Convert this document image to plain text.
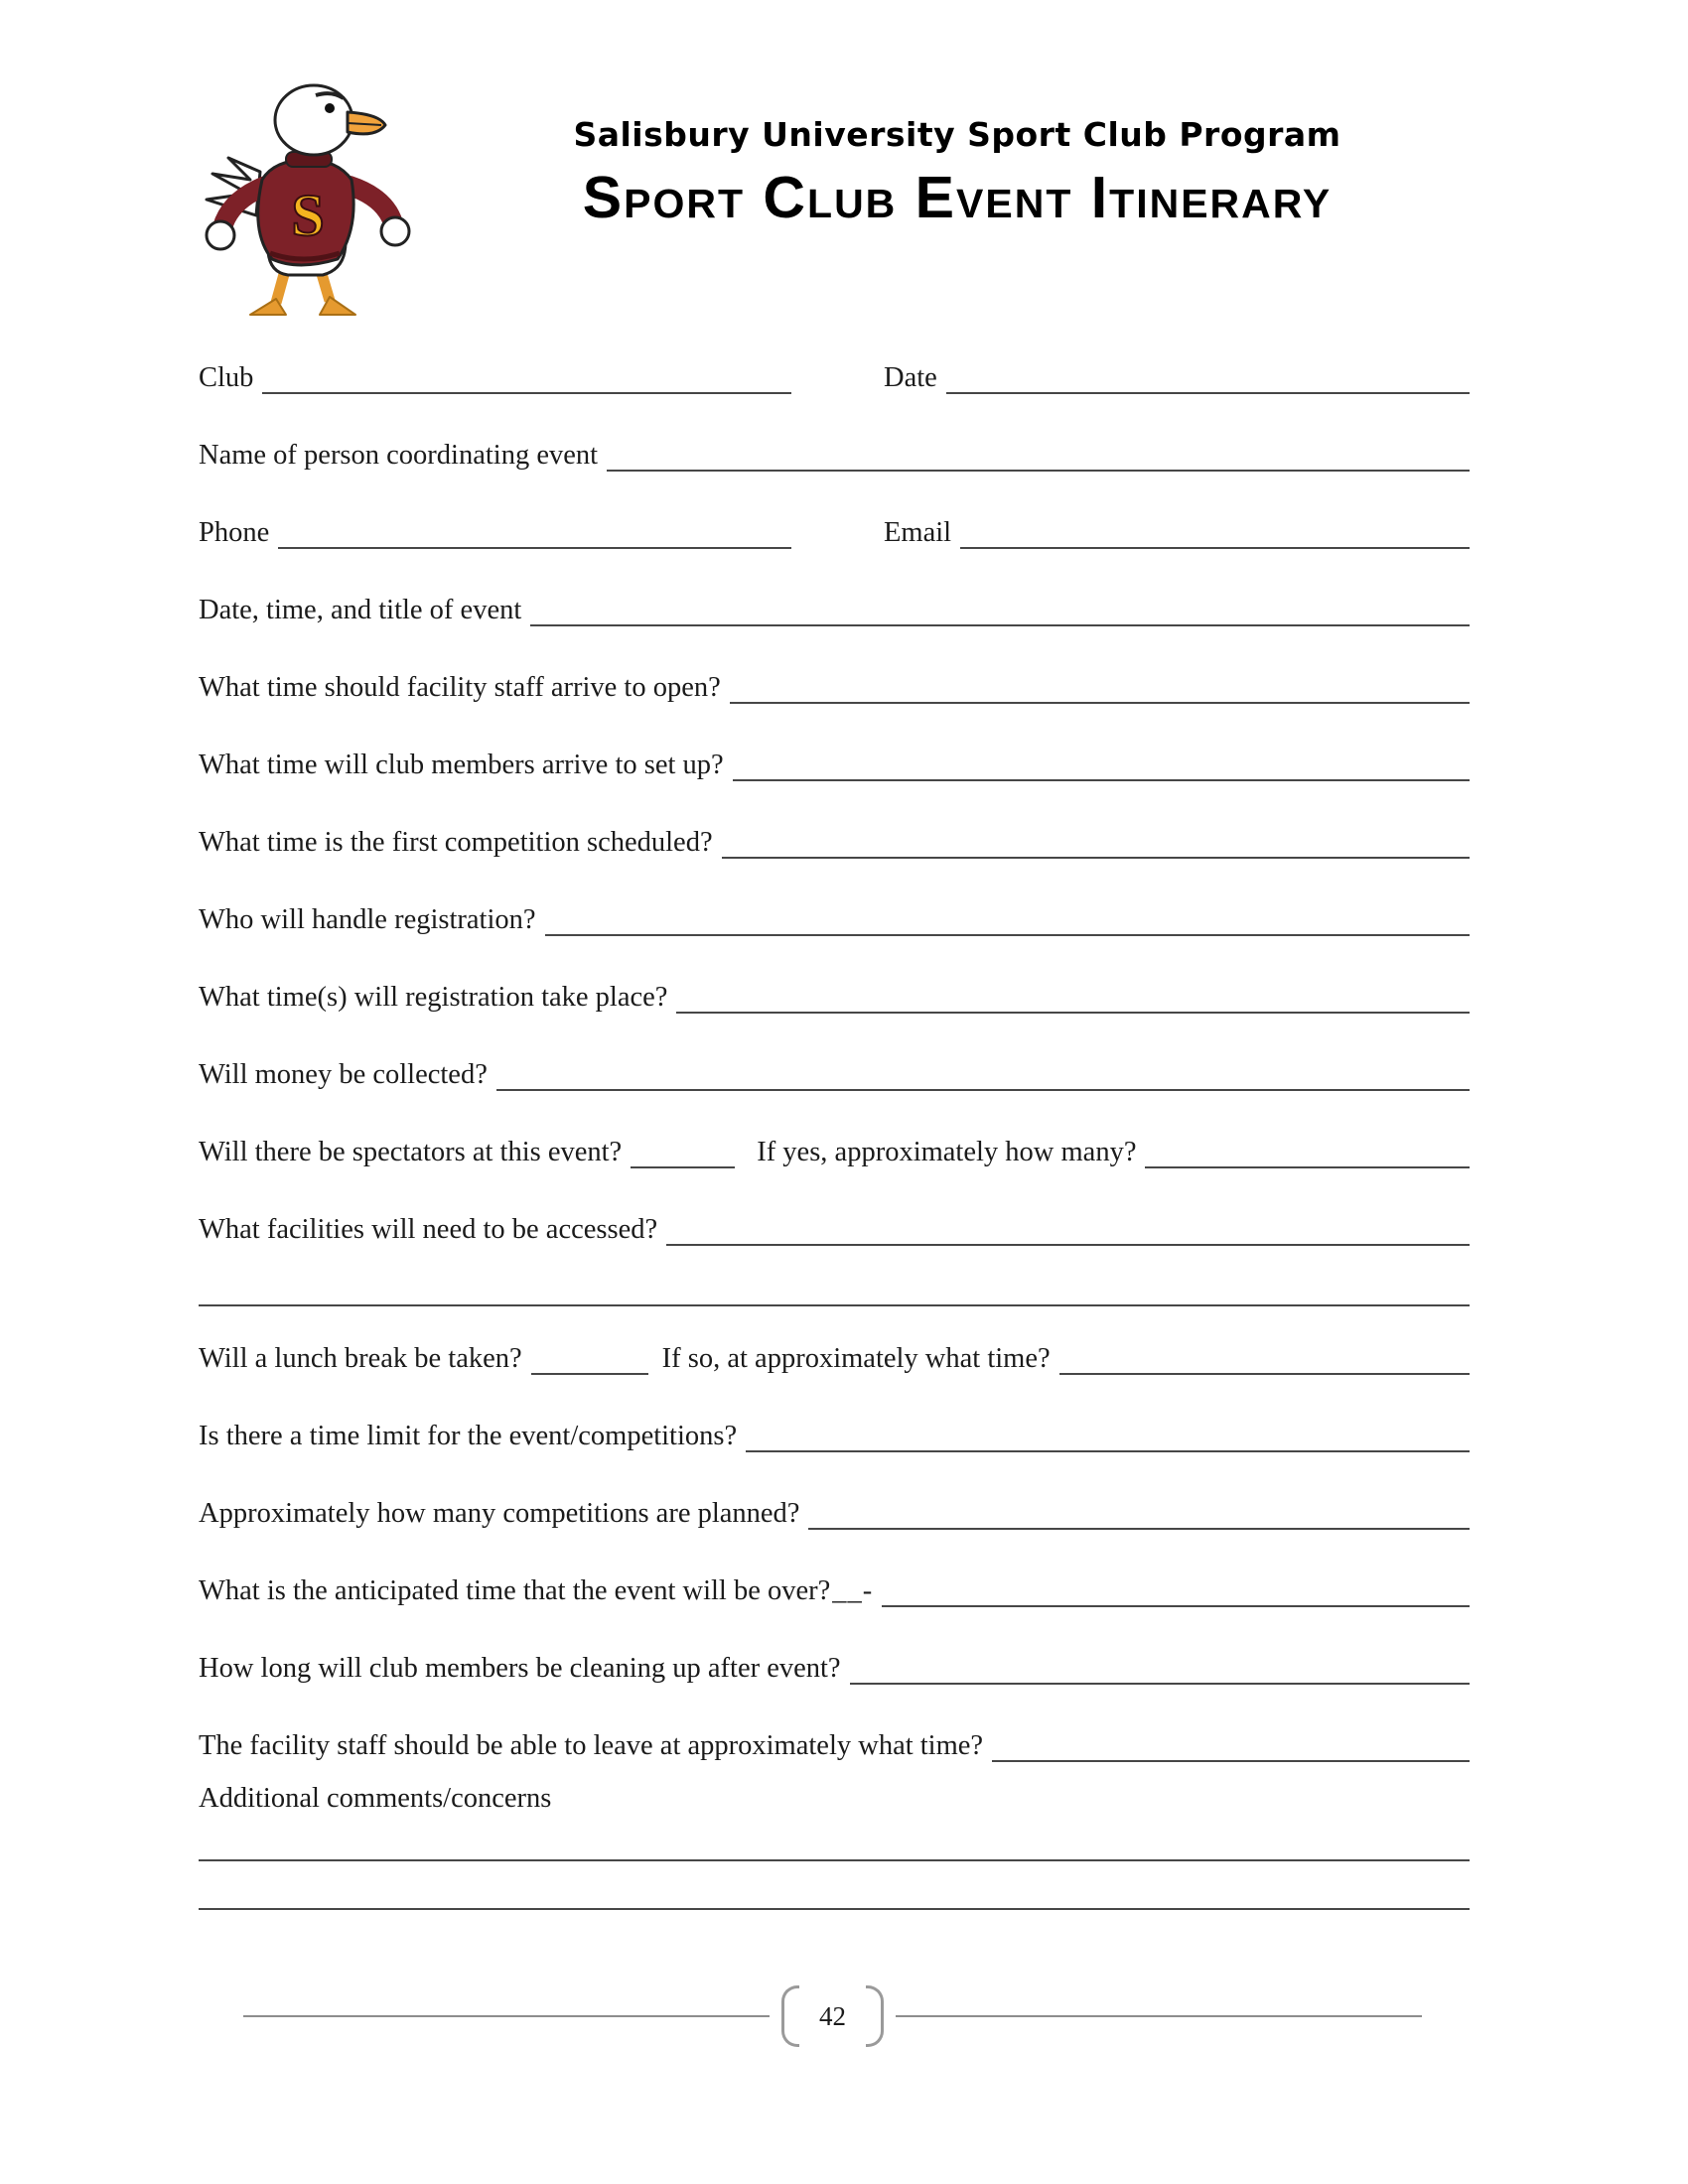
S
Salisbury University Sport Club Program
Sport Club Event Itinerary
Club	Date
Name of person coordinating event
Phone	Email
Date, time, and title of event
What time should facility staff arrive to open?
What time will club members arrive to set up?
What time is the first competition scheduled?
Who will handle registration?
What time(s) will registration take place?
Will money be collected?
Will there be spectators at this event?	If yes, approximately how many?
What facilities will need to be accessed?
Will a lunch break be taken?	If so, at approximately what time?
Is there a time limit for the event/competitions?
Approximately how many competitions are planned?
What is the anticipated time that the event will be over? __-
How long will club members be cleaning up after event?
The facility staff should be able to leave at approximately what time?
Additional comments/concerns
42
